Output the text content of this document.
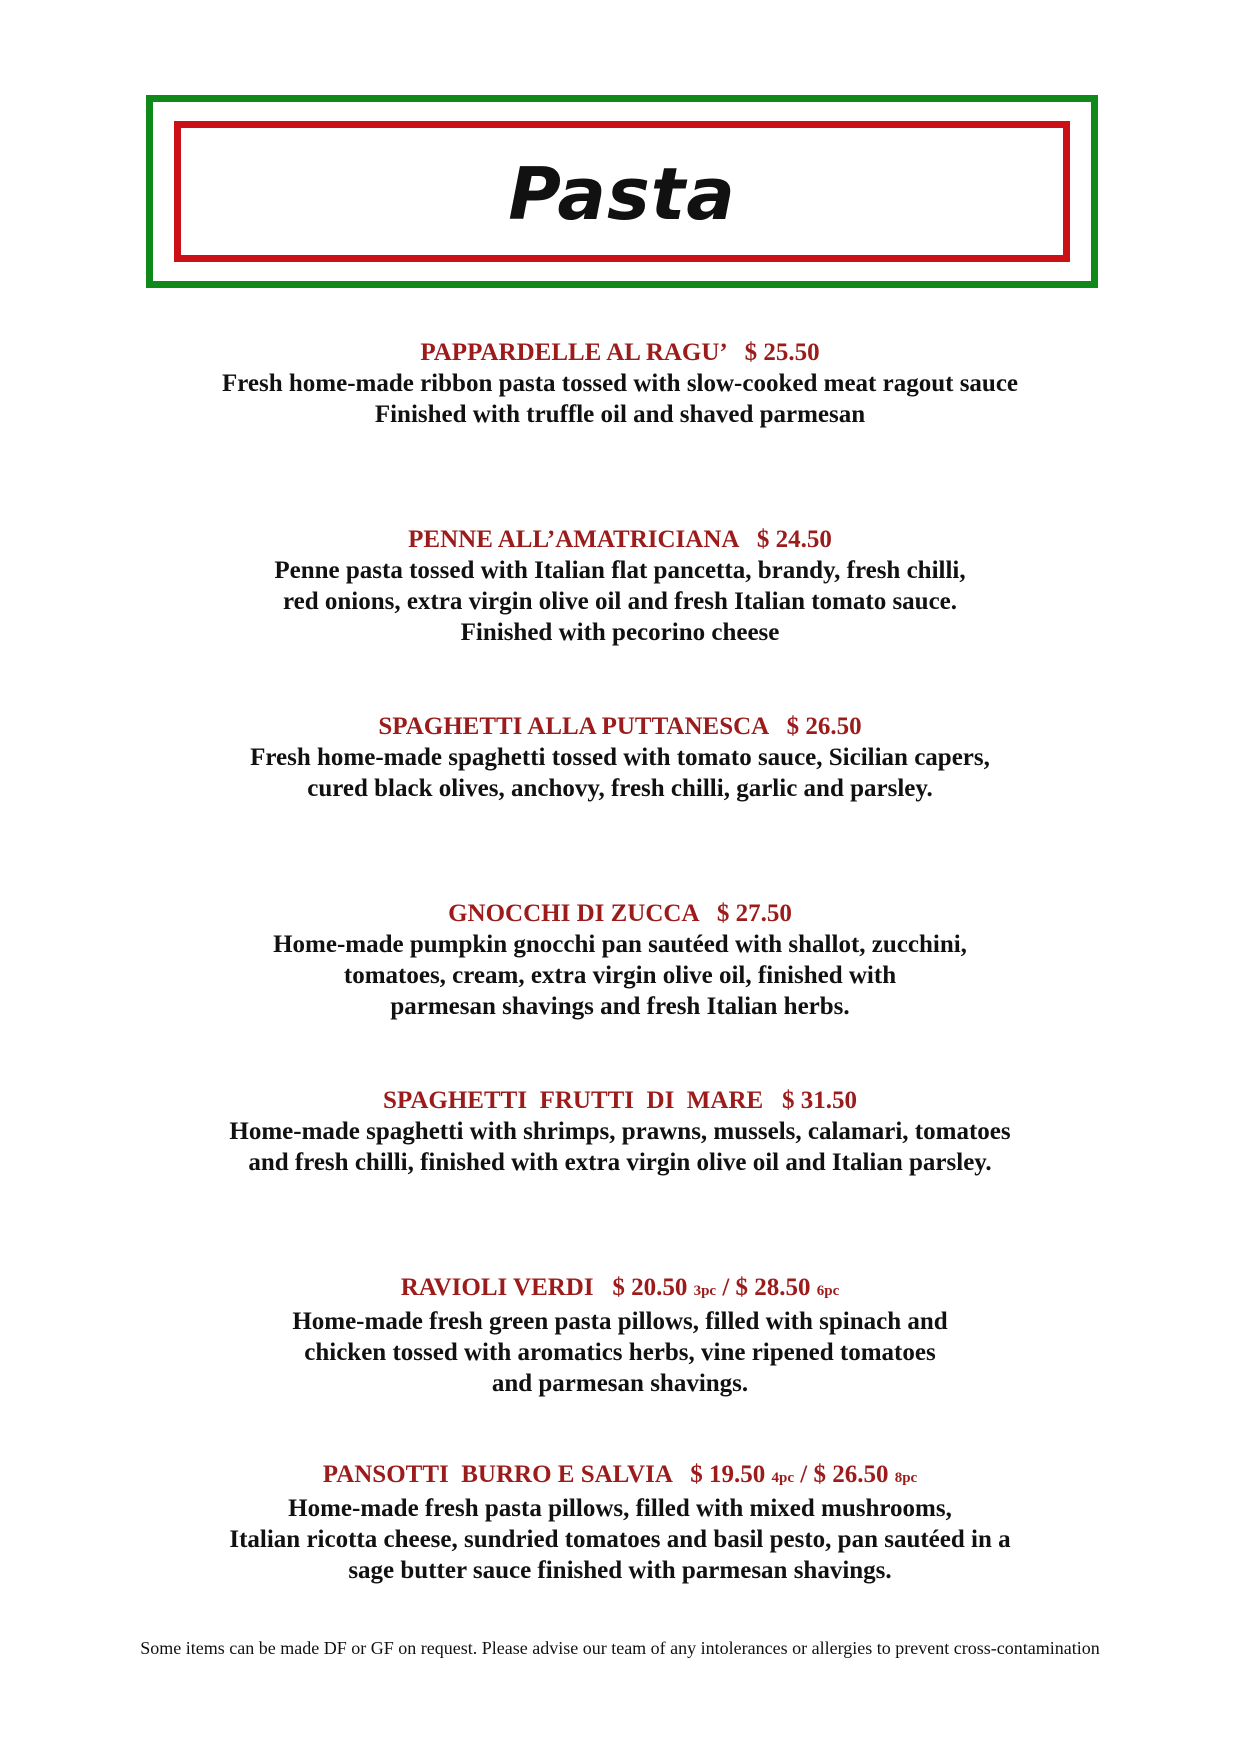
Pasta
PAPPARDELLE AL RAGU’ $ 25.50
Fresh home-made ribbon pasta tossed with slow-cooked meat ragout sauce
Finished with truffle oil and shaved parmesan
PENNE ALL’AMATRICIANA $ 24.50
Penne pasta tossed with Italian flat pancetta, brandy, fresh chilli,
red onions, extra virgin olive oil and fresh Italian tomato sauce.
Finished with pecorino cheese
SPAGHETTI ALLA PUTTANESCA $ 26.50
Fresh home-made spaghetti tossed with tomato sauce, Sicilian capers,
cured black olives, anchovy, fresh chilli, garlic and parsley.
GNOCCHI DI ZUCCA $ 27.50
Home-made pumpkin gnocchi pan sautéed with shallot, zucchini,
tomatoes, cream, extra virgin olive oil, finished with
parmesan shavings and fresh Italian herbs.
SPAGHETTI  FRUTTI  DI  MARE $ 31.50
Home-made spaghetti with shrimps, prawns, mussels, calamari, tomatoes
and fresh chilli, finished with extra virgin olive oil and Italian parsley.
RAVIOLI VERDI $ 20.50 3pc / $ 28.50 6pc
Home-made fresh green pasta pillows, filled with spinach and
chicken tossed with aromatics herbs, vine ripened tomatoes
and parmesan shavings.
PANSOTTI  BURRO E SALVIA $ 19.50 4pc / $ 26.50 8pc
Home-made fresh pasta pillows, filled with mixed mushrooms,
Italian ricotta cheese, sundried tomatoes and basil pesto, pan sautéed in a
sage butter sauce finished with parmesan shavings.
Some items can be made DF or GF on request. Please advise our team of any intolerances or allergies to prevent cross-contamination
